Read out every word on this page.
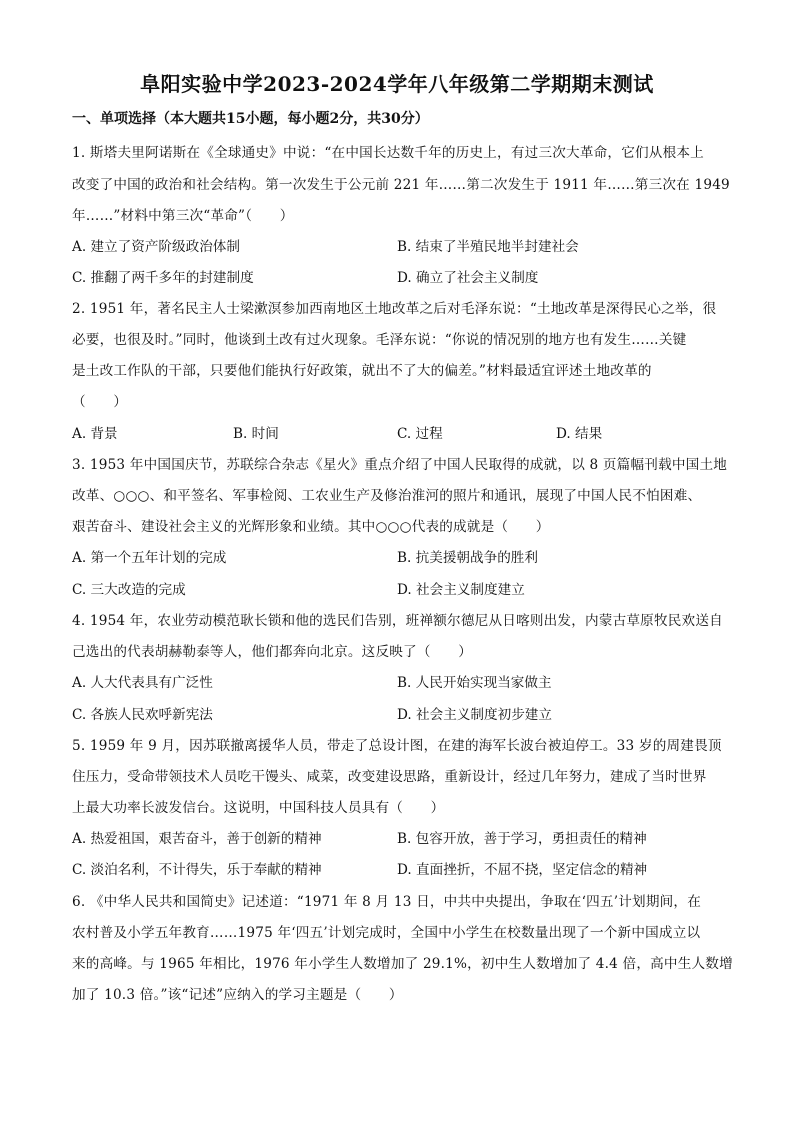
阜阳实验中学2023-2024学年八年级第二学期期末测试
一、单项选择（本大题共15小题，每小题2分，共30分）
1. 斯塔夫里阿诺斯在《全球通史》中说：“在中国长达数千年的历史上，有过三次大革命，它们从根本上
改变了中国的政治和社会结构。第一次发生于公元前 221 年……第二次发生于 1911 年……第三次在 1949
年……”材料中第三次“革命”（　　）
A. 建立了资产阶级政治体制	B. 结束了半殖民地半封建社会
C. 推翻了两千多年的封建制度	D. 确立了社会主义制度
2. 1951 年，著名民主人士梁漱溟参加西南地区土地改革之后对毛泽东说：“土地改革是深得民心之举，很
必要，也很及时。”同时，他谈到土改有过火现象。毛泽东说：“你说的情况别的地方也有发生……关键
是土改工作队的干部，只要他们能执行好政策，就出不了大的偏差。”材料最适宜评述土地改革的
（　　）
A. 背景	B. 时间	C. 过程	D. 结果
3. 1953 年中国国庆节，苏联综合杂志《星火》重点介绍了中国人民取得的成就，以 8 页篇幅刊载中国土地
改革、○○○、和平签名、军事检阅、工农业生产及修治淮河的照片和通讯，展现了中国人民不怕困难、
艰苦奋斗、建设社会主义的光辉形象和业绩。其中○○○代表的成就是（　　）
A. 第一个五年计划的完成	B. 抗美援朝战争的胜利
C. 三大改造的完成	D. 社会主义制度建立
4. 1954 年，农业劳动模范耿长锁和他的选民们告别，班禅额尔德尼从日喀则出发，内蒙古草原牧民欢送自
己选出的代表胡赫勒泰等人，他们都奔向北京。这反映了（　　）
A. 人大代表具有广泛性	B. 人民开始实现当家做主
C. 各族人民欢呼新宪法	D. 社会主义制度初步建立
5. 1959 年 9 月，因苏联撤离援华人员，带走了总设计图，在建的海军长波台被迫停工。33 岁的周建畏顶
住压力，受命带领技术人员吃干馒头、咸菜，改变建设思路，重新设计，经过几年努力，建成了当时世界
上最大功率长波发信台。这说明，中国科技人员具有（　　）
A. 热爱祖国，艰苦奋斗，善于创新的精神	B. 包容开放，善于学习，勇担责任的精神
C. 淡泊名利，不计得失，乐于奉献的精神	D. 直面挫折，不屈不挠，坚定信念的精神
6. 《中华人民共和国简史》记述道：“1971 年 8 月 13 日，中共中央提出，争取在‘四五’计划期间，在
农村普及小学五年教育……1975 年‘四五’计划完成时，全国中小学生在校数量出现了一个新中国成立以
来的高峰。与 1965 年相比，1976 年小学生人数增加了 29.1%，初中生人数增加了 4.4 倍，高中生人数增
加了 10.3 倍。”该“记述”应纳入的学习主题是（　　）
